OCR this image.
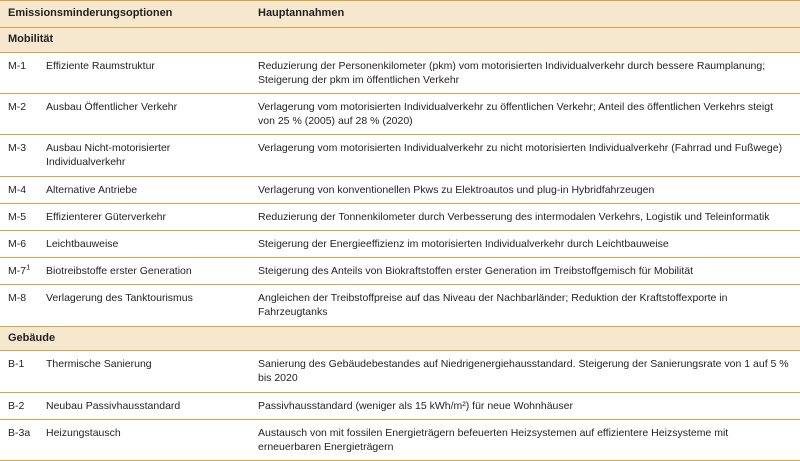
Emissionsminderungsoptionen		Hauptannahmen
Mobilität		
M-1	Effiziente Raumstruktur	Reduzierung der Personenkilometer (pkm) vom motorisierten Individualverkehr durch bessere Raumplanung; Steigerung der pkm im öffentlichen Verkehr
M-2	Ausbau Öffentlicher Verkehr	Verlagerung vom motorisierten Individualverkehr zu öffentlichen Verkehr; Anteil des öffentlichen Verkehrs steigt von 25 % (2005) auf 28 % (2020)
M-3	Ausbau Nicht-motorisierter Individualverkehr	Verlagerung vom motorisierten Individualverkehr zu nicht motorisierten Individualverkehr (Fahrrad und Fußwege)
M-4	Alternative Antriebe	Verlagerung von konventionellen Pkws zu Elektroautos und plug-in Hybridfahrzeugen
M-5	Effizienterer Güterverkehr	Reduzierung der Tonnenkilometer durch Verbesserung des intermodalen Verkehrs, Logistik und Teleinformatik
M-6	Leichtbauweise	Steigerung der Energieeffizienz im motorisierten Individualverkehr durch Leichtbauweise
$M-7^1$	Biotreibstoffe erster Generation	Steigerung des Anteils von Biokraftstoffen erster Generation im Treibstoffgemisch für Mobilität
M-8	Verlagerung des Tanktourismus	Angleichen der Treibstoffpreise auf das Niveau der Nachbarländer; Reduktion der Kraftstoffexporte in Fahrzeugtanks
Gebäude		
B-1	Thermische Sanierung	Sanierung des Gebäudebestandes auf Niedrigenergiehausstandard. Steigerung der Sanierungsrate von 1 auf 5 % bis 2020
B-2	Neubau Passivhausstandard	Passivhausstandard (weniger als 15 kWh/m²) für neue Wohnhäuser
B-3a	Heizungstausch	Austausch von mit fossilen Energieträgern befeuerten Heizsystemen auf effizientere Heizsysteme mit erneuerbaren Energieträgern
